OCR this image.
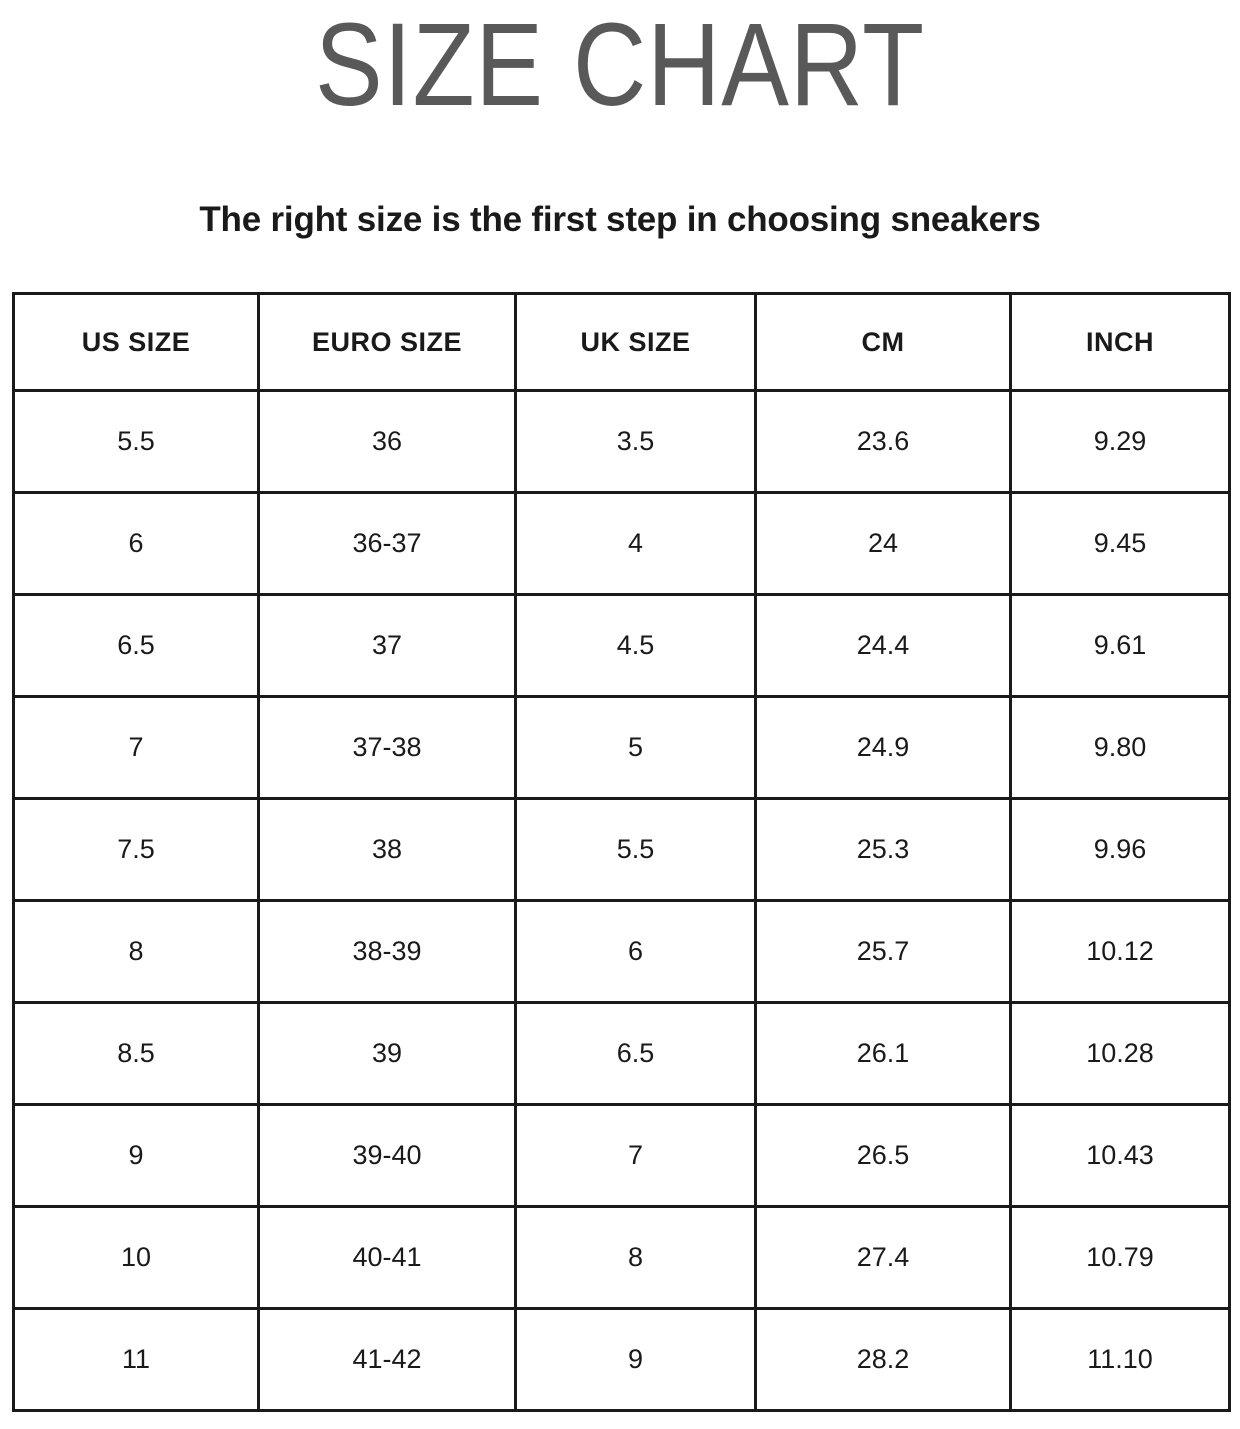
SIZE CHART
The right size is the first step in choosing sneakers
US SIZE	EURO SIZE	UK SIZE	CM	INCH
5.5	36	3.5	23.6	9.29
6	36-37	4	24	9.45
6.5	37	4.5	24.4	9.61
7	37-38	5	24.9	9.80
7.5	38	5.5	25.3	9.96
8	38-39	6	25.7	10.12
8.5	39	6.5	26.1	10.28
9	39-40	7	26.5	10.43
10	40-41	8	27.4	10.79
11	41-42	9	28.2	11.10
